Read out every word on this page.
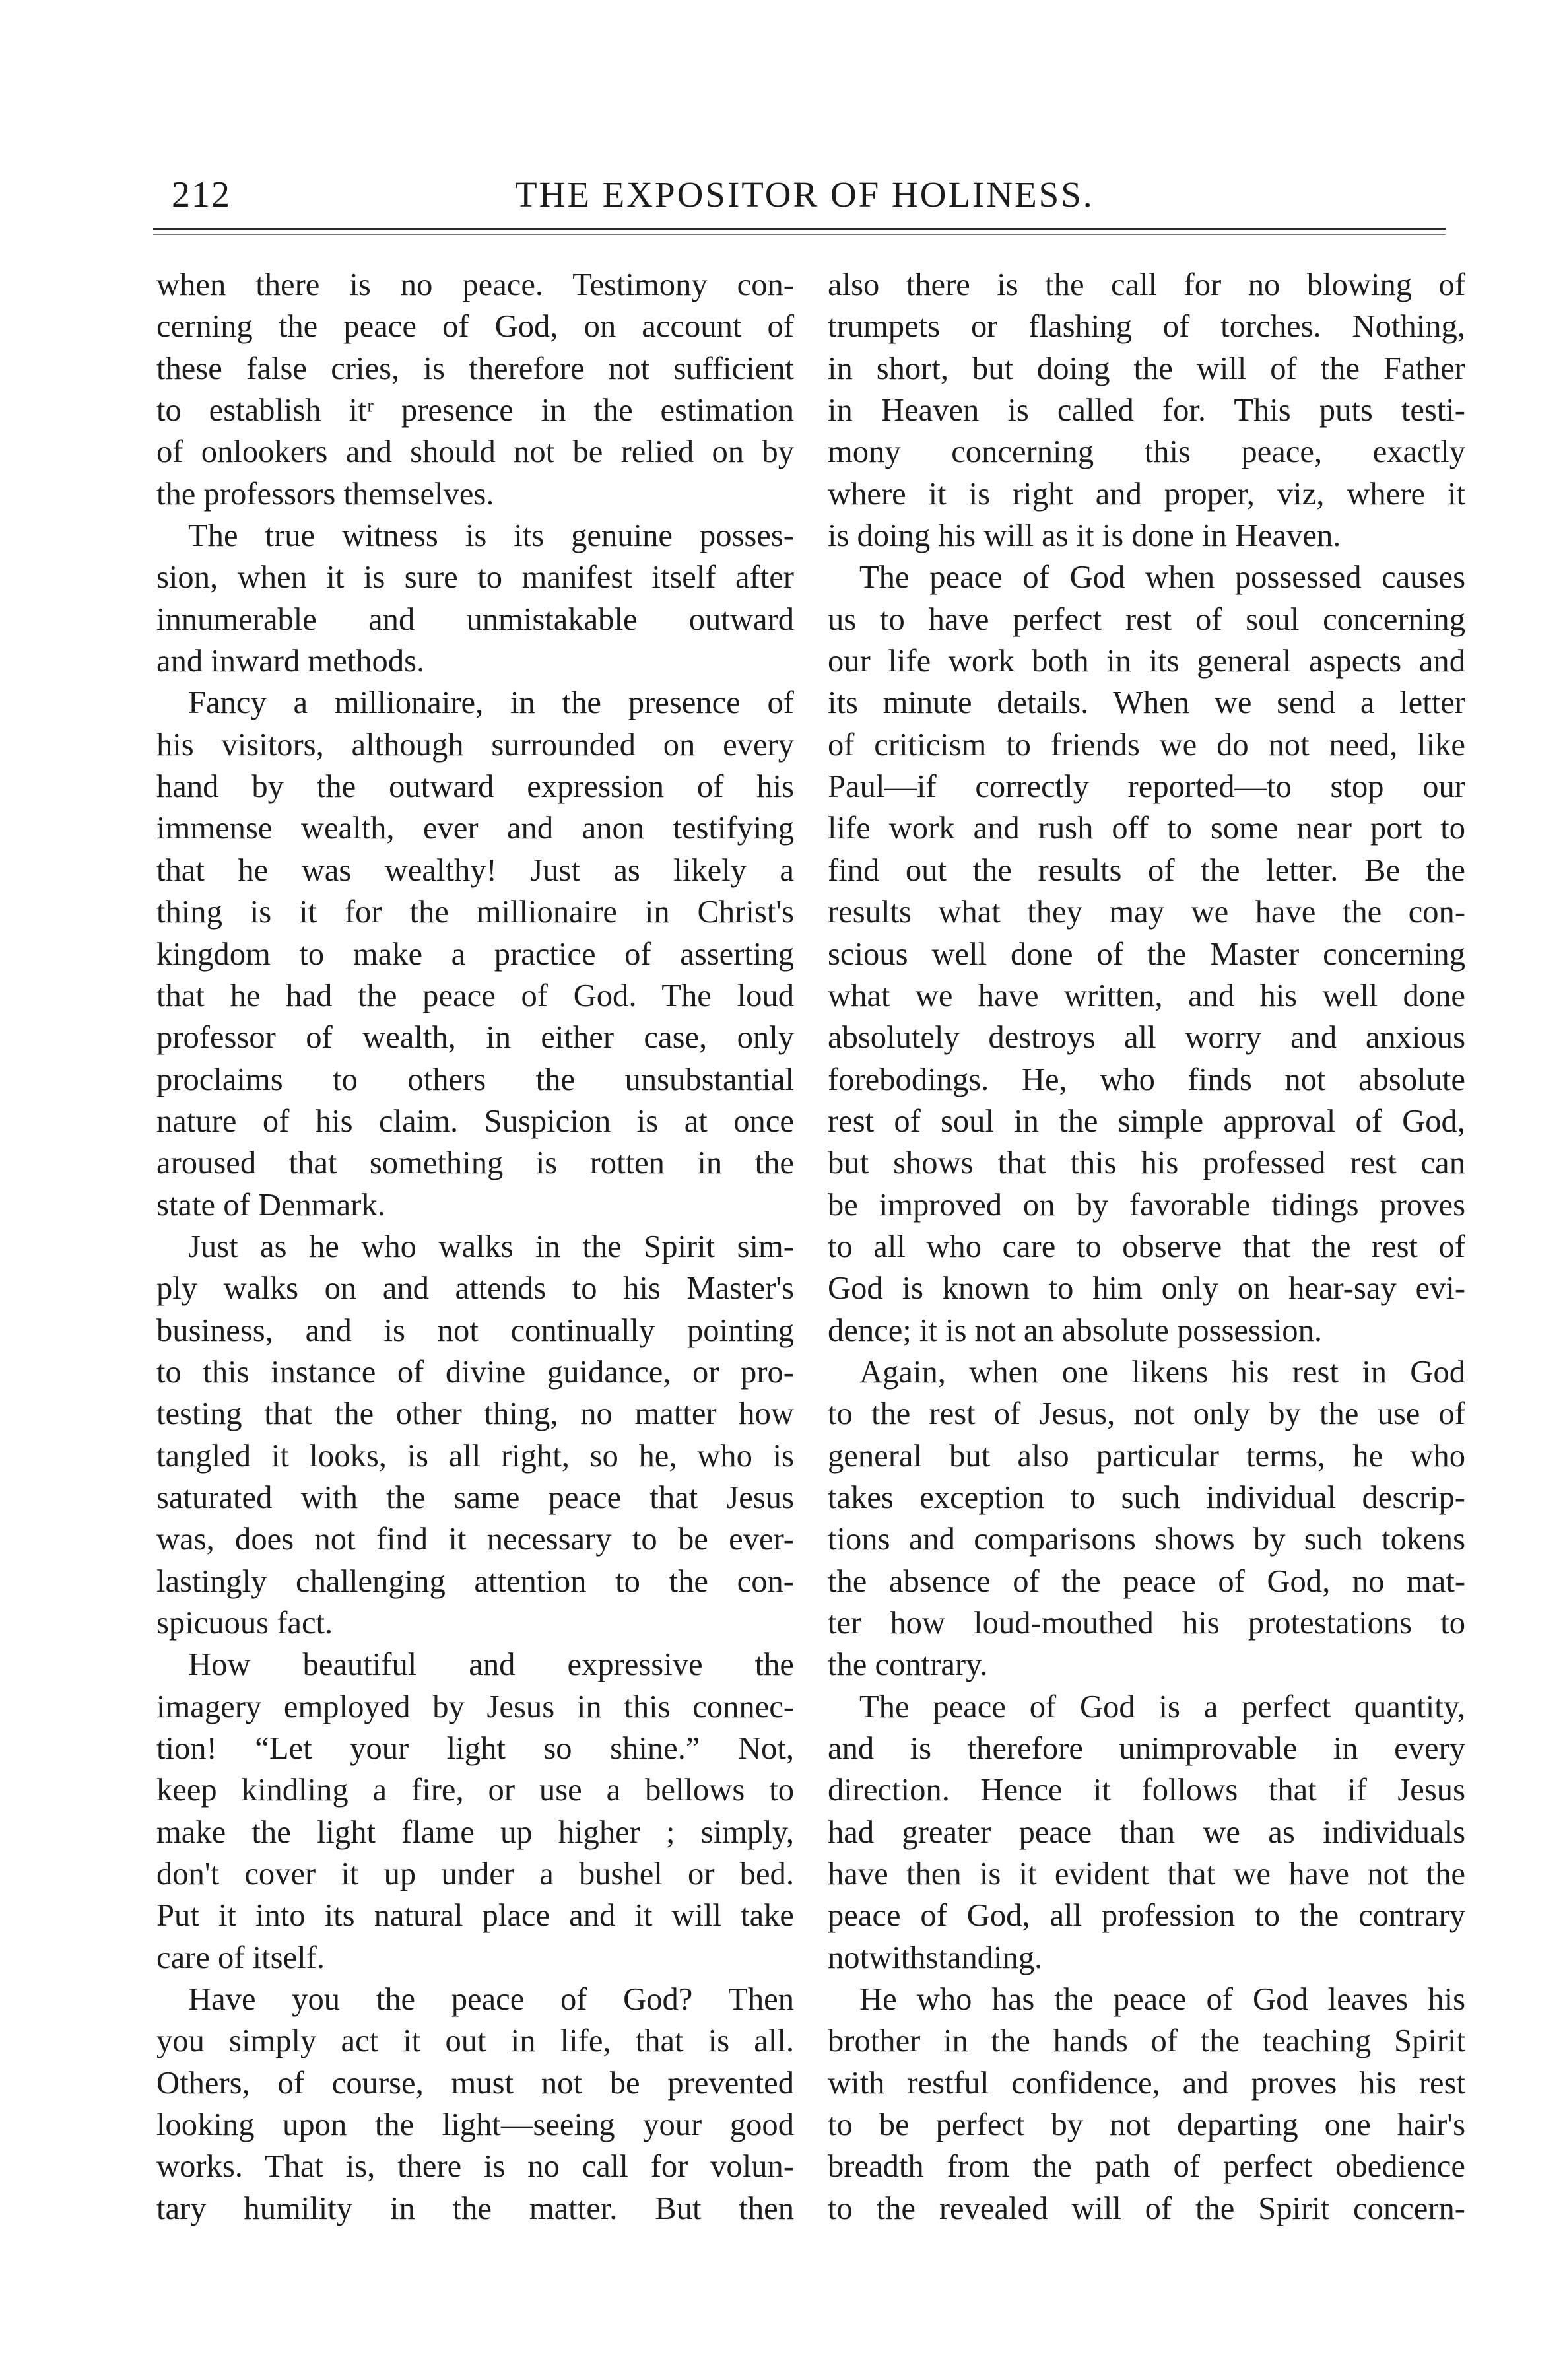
212	THE EXPOSITOR OF HOLINESS.
when there is no peace. Testimony con-
cerning the peace of God, on account of
these false cries, is therefore not sufficient
to establish itʳ presence in the estimation
of onlookers and should not be relied on by
the professors themselves.
The true witness is its genuine posses-
sion, when it is sure to manifest itself after
innumerable and unmistakable outward
and inward methods.
Fancy a millionaire, in the presence of
his visitors, although surrounded on every
hand by the outward expression of his
immense wealth, ever and anon testifying
that he was wealthy! Just as likely a
thing is it for the millionaire in Christ's
kingdom to make a practice of asserting
that he had the peace of God. The loud
professor of wealth, in either case, only
proclaims to others the unsubstantial
nature of his claim. Suspicion is at once
aroused that something is rotten in the
state of Denmark.
Just as he who walks in the Spirit sim-
ply walks on and attends to his Master's
business, and is not continually pointing
to this instance of divine guidance, or pro-
testing that the other thing, no matter how
tangled it looks, is all right, so he, who is
saturated with the same peace that Jesus
was, does not find it necessary to be ever-
lastingly challenging attention to the con-
spicuous fact.
How beautiful and expressive the
imagery employed by Jesus in this connec-
tion! “Let your light so shine.” Not,
keep kindling a fire, or use a bellows to
make the light flame up higher ; simply,
don't cover it up under a bushel or bed.
Put it into its natural place and it will take
care of itself.
Have you the peace of God? Then
you simply act it out in life, that is all.
Others, of course, must not be prevented
looking upon the light—seeing your good
works. That is, there is no call for volun-
tary humility in the matter. But then
also there is the call for no blowing of
trumpets or flashing of torches. Nothing,
in short, but doing the will of the Father
in Heaven is called for. This puts testi-
mony concerning this peace, exactly
where it is right and proper, viz, where it
is doing his will as it is done in Heaven.
The peace of God when possessed causes
us to have perfect rest of soul concerning
our life work both in its general aspects and
its minute details. When we send a letter
of criticism to friends we do not need, like
Paul—if correctly reported—to stop our
life work and rush off to some near port to
find out the results of the letter. Be the
results what they may we have the con-
scious well done of the Master concerning
what we have written, and his well done
absolutely destroys all worry and anxious
forebodings. He, who finds not absolute
rest of soul in the simple approval of God,
but shows that this his professed rest can
be improved on by favorable tidings proves
to all who care to observe that the rest of
God is known to him only on hear-say evi-
dence; it is not an absolute possession.
Again, when one likens his rest in God
to the rest of Jesus, not only by the use of
general but also particular terms, he who
takes exception to such individual descrip-
tions and comparisons shows by such tokens
the absence of the peace of God, no mat-
ter how loud-mouthed his protestations to
the contrary.
The peace of God is a perfect quantity,
and is therefore unimprovable in every
direction. Hence it follows that if Jesus
had greater peace than we as individuals
have then is it evident that we have not the
peace of God, all profession to the contrary
notwithstanding.
He who has the peace of God leaves his
brother in the hands of the teaching Spirit
with restful confidence, and proves his rest
to be perfect by not departing one hair's
breadth from the path of perfect obedience
to the revealed will of the Spirit concern-
